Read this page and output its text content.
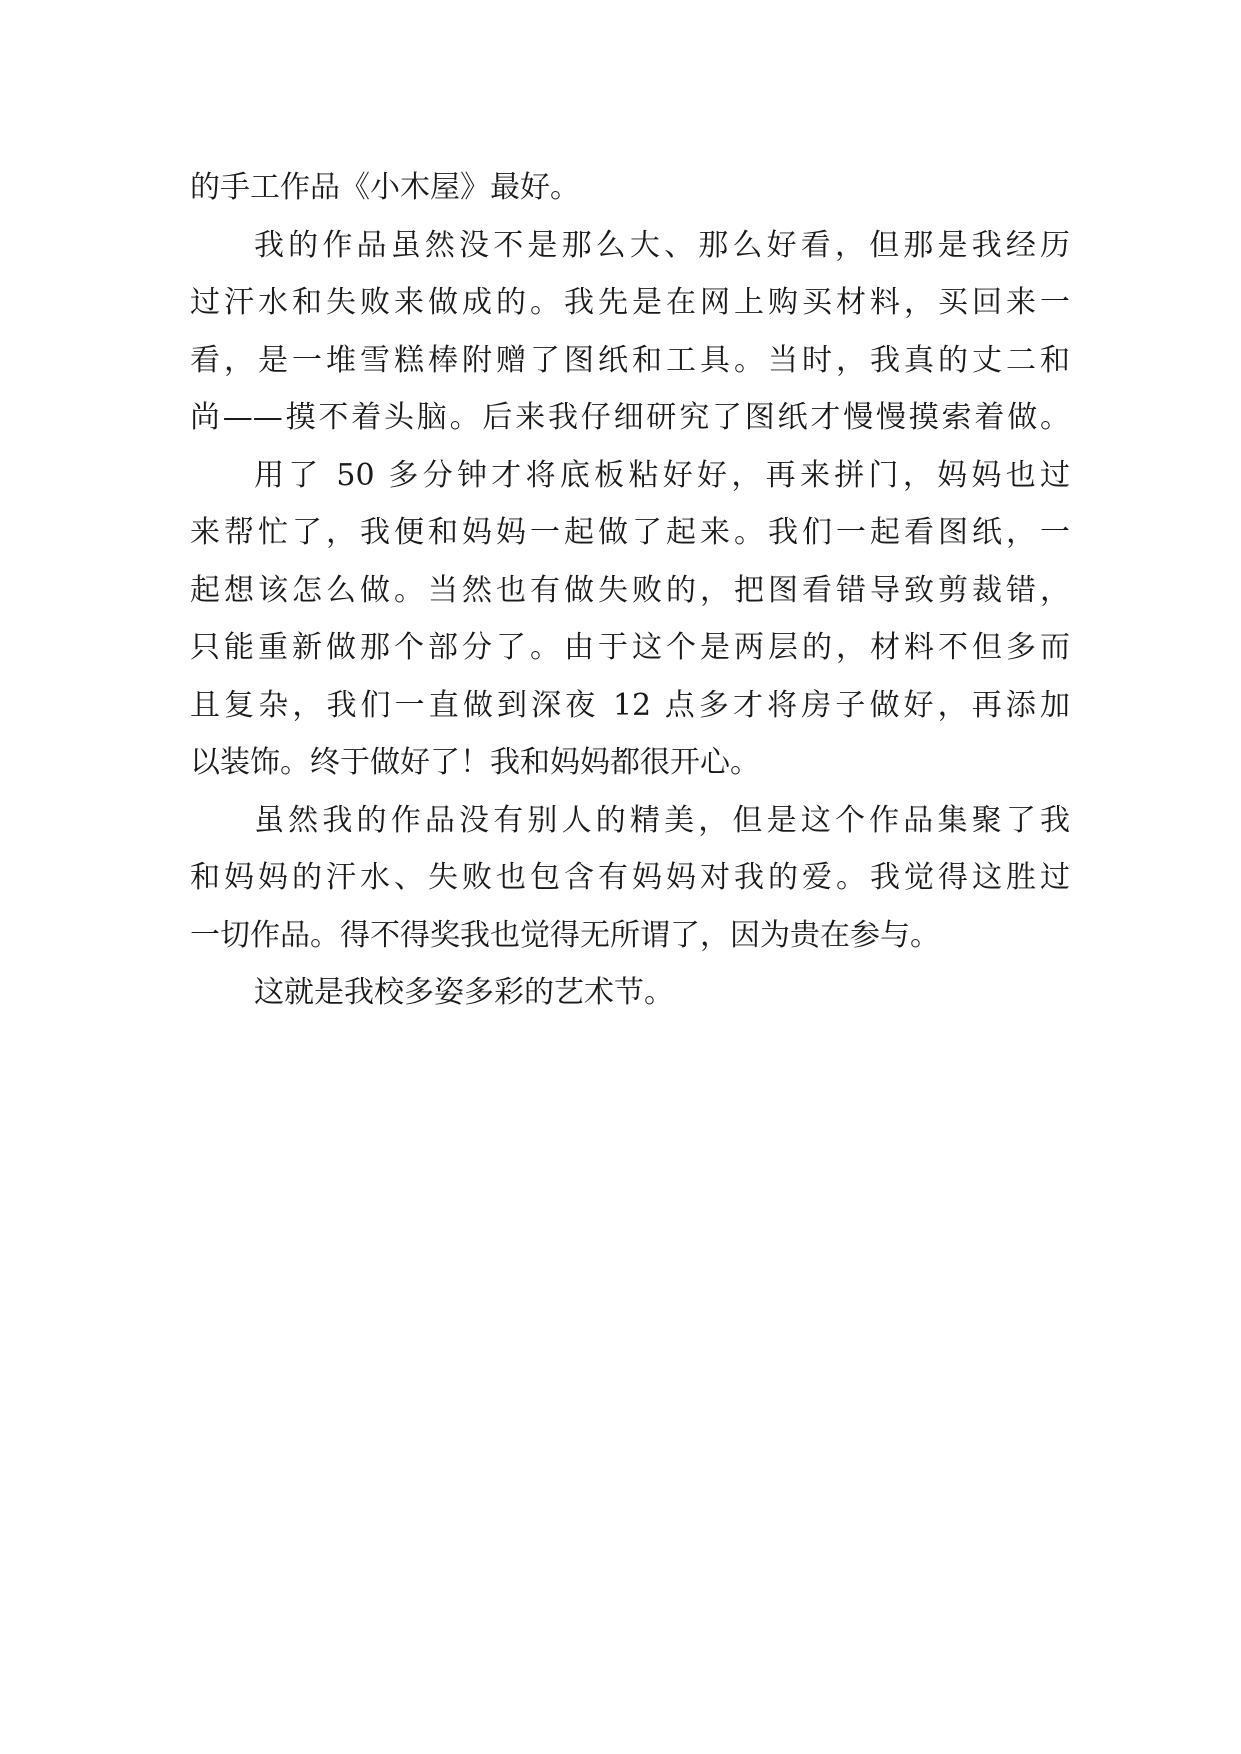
的手工作品《小木屋》最好。
我的作品虽然没不是那么大、那么好看，但那是我经历
过汗水和失败来做成的。我先是在网上购买材料，买回来一
看，是一堆雪糕棒附赠了图纸和工具。当时，我真的丈二和
尚——摸不着头脑。后来我仔细研究了图纸才慢慢摸索着做。
用了 50 多分钟才将底板粘好好，再来拼门，妈妈也过
来帮忙了，我便和妈妈一起做了起来。我们一起看图纸，一
起想该怎么做。当然也有做失败的，把图看错导致剪裁错，
只能重新做那个部分了。由于这个是两层的，材料不但多而
且复杂，我们一直做到深夜 12 点多才将房子做好，再添加
以装饰。终于做好了！我和妈妈都很开心。
虽然我的作品没有别人的精美，但是这个作品集聚了我
和妈妈的汗水、失败也包含有妈妈对我的爱。我觉得这胜过
一切作品。得不得奖我也觉得无所谓了，因为贵在参与。
这就是我校多姿多彩的艺术节。
